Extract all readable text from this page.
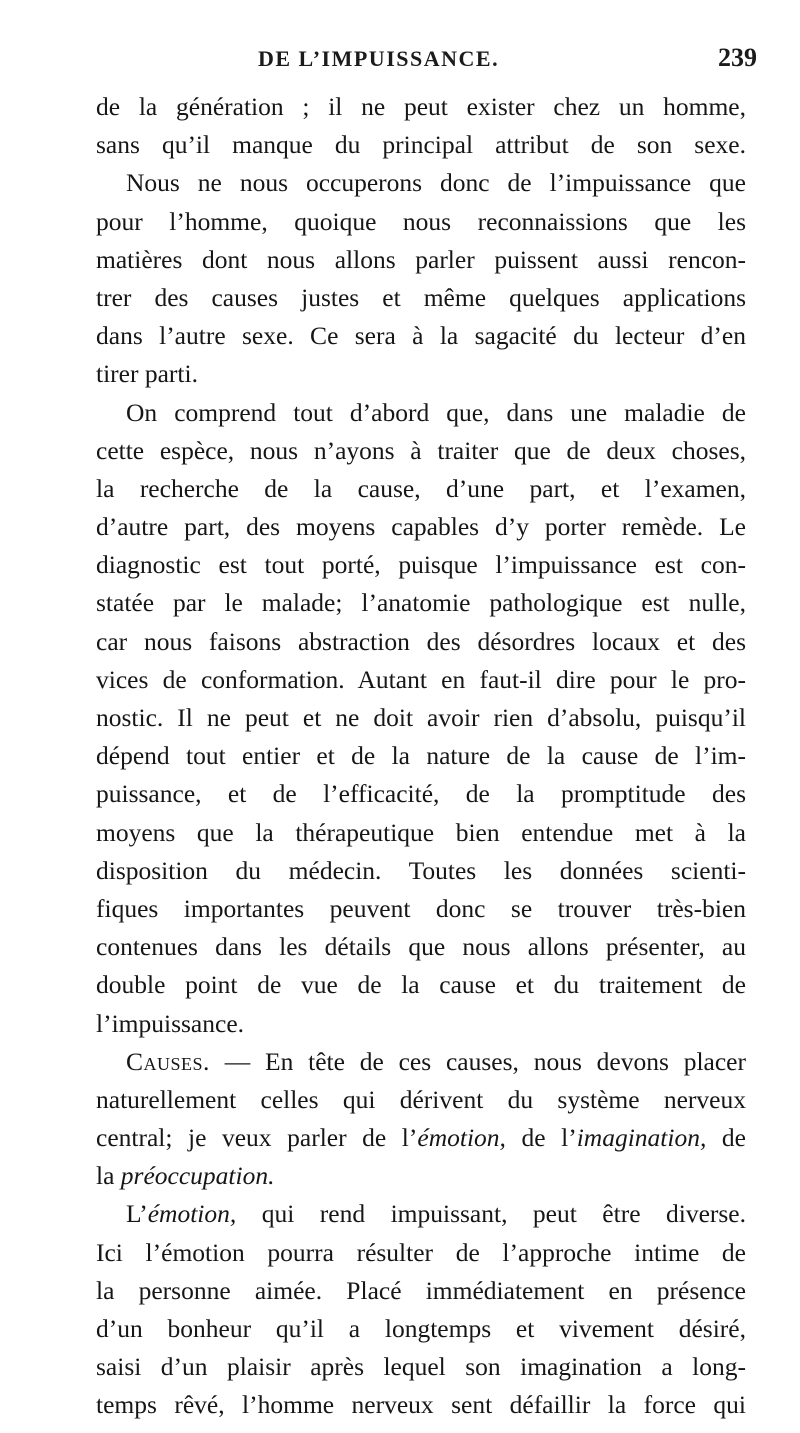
DE L’IMPUISSANCE.	239
de la génération ; il ne peut exister chez un homme,
sans qu’il manque du principal attribut de son sexe.
Nous ne nous occuperons donc de l’impuissance que
pour l’homme, quoique nous reconnaissions que les
matières dont nous allons parler puissent aussi rencon-
trer des causes justes et même quelques applications
dans l’autre sexe. Ce sera à la sagacité du lecteur d’en
tirer parti.
On comprend tout d’abord que, dans une maladie de
cette espèce, nous n’ayons à traiter que de deux choses,
la recherche de la cause, d’une part, et l’examen,
d’autre part, des moyens capables d’y porter remède. Le
diagnostic est tout porté, puisque l’impuissance est con-
statée par le malade; l’anatomie pathologique est nulle,
car nous faisons abstraction des désordres locaux et des
vices de conformation. Autant en faut-il dire pour le pro-
nostic. Il ne peut et ne doit avoir rien d’absolu, puisqu’il
dépend tout entier et de la nature de la cause de l’im-
puissance, et de l’efficacité, de la promptitude des
moyens que la thérapeutique bien entendue met à la
disposition du médecin. Toutes les données scienti-
fiques importantes peuvent donc se trouver très-bien
contenues dans les détails que nous allons présenter, au
double point de vue de la cause et du traitement de
l’impuissance.
Causes. — En tête de ces causes, nous devons placer
naturellement celles qui dérivent du système nerveux
central; je veux parler de l’émotion, de l’imagination, de
la préoccupation.
L’émotion, qui rend impuissant, peut être diverse.
Ici l’émotion pourra résulter de l’approche intime de
la personne aimée. Placé immédiatement en présence
d’un bonheur qu’il a longtemps et vivement désiré,
saisi d’un plaisir après lequel son imagination a long-
temps rêvé, l’homme nerveux sent défaillir la force qui
